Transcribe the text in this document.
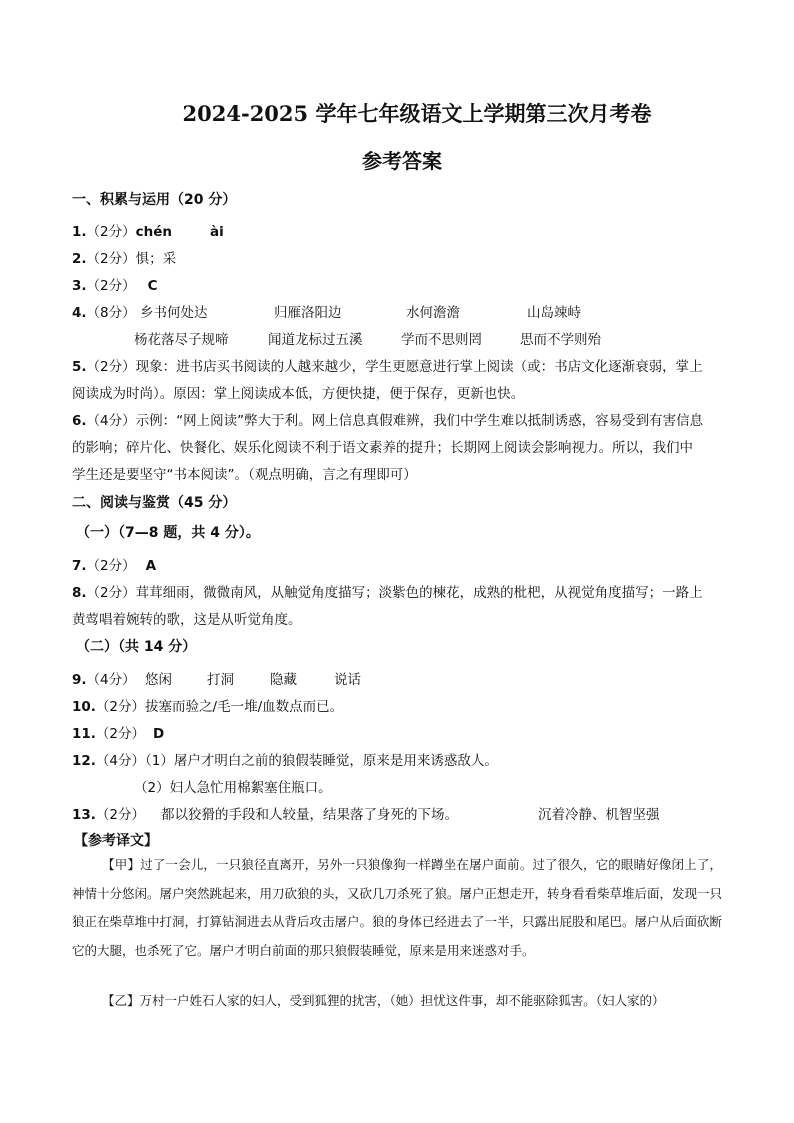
2024-2025 学年七年级语文上学期第三次月考卷
参考答案
一、积累与运用（20 分）
1.（2分）chén	ài
2.（2分）惧；采
3.（2分） C
4.（8分） 乡书何处达	归雁洛阳边	水何澹澹	山岛竦峙
杨花落尽子规啼	闻道龙标过五溪	学而不思则罔	思而不学则殆
5.（2分）现象：进书店买书阅读的人越来越少，学生更愿意进行掌上阅读（或：书店文化逐渐衰弱，掌上
阅读成为时尚）。原因：掌上阅读成本低，方便快捷，便于保存，更新也快。
6.（4分）示例：“网上阅读”弊大于利。网上信息真假难辨，我们中学生难以抵制诱惑，容易受到有害信息
的影响；碎片化、快餐化、娱乐化阅读不利于语文素养的提升；长期网上阅读会影响视力。所以，我们中
学生还是要坚守“书本阅读”。（观点明确，言之有理即可）
二、阅读与鉴赏（45 分）
（一）（7—8 题，共 4 分）。
7.（2分） A
8.（2分）茸茸细雨，微微南风，从触觉角度描写；淡紫色的楝花，成熟的枇杷，从视觉角度描写；一路上
黄莺唱着婉转的歌，这是从听觉角度。
（二）（共 14 分）
9.（4分） 悠闲	打洞	隐藏	说话
10.（2分）拔塞而验之/毛一堆/血数点而已。
11.（2分） D
12.（4分）（1）屠户才明白之前的狼假装睡觉，原来是用来诱惑敌人。
（2）妇人急忙用棉絮塞住瓶口。
13.（2分） 都以狡猾的手段和人较量，结果落了身死的下场。	沉着冷静、机智坚强
【参考译文】
【甲】过了一会儿，一只狼径直离开，另外一只狼像狗一样蹲坐在屠户面前。过了很久，它的眼睛好像闭上了，神情十分悠闲。屠户突然跳起来，用刀砍狼的头，又砍几刀杀死了狼。屠户正想走开，转身看看柴草堆后面，发现一只狼正在柴草堆中打洞，打算钻洞进去从背后攻击屠户。狼的身体已经进去了一半，只露出屁股和尾巴。屠户从后面砍断它的大腿，也杀死了它。屠户才明白前面的那只狼假装睡觉，原来是用来迷惑对手。
【乙】万村一户姓石人家的妇人，受到狐狸的扰害，（她）担忧这件事，却不能驱除狐害。（妇人家的）
